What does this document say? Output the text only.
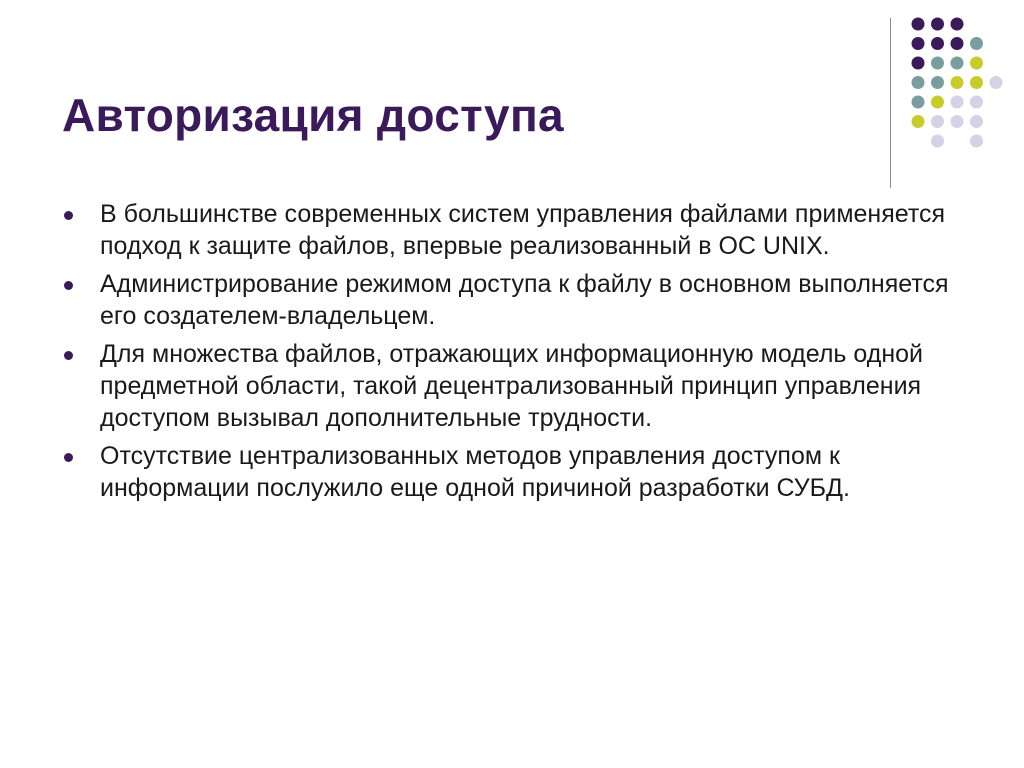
Авторизация доступа
В большинстве современных систем управления файлами применяется подход к защите файлов, впервые реализованный в ОС UNIX.
Администрирование режимом доступа к файлу в основном выполняется его создателем-владельцем.
Для множества файлов, отражающих информационную модель одной предметной области, такой децентрализованный принцип управления доступом вызывал дополнительные трудности.
Отсутствие централизованных методов управления доступом к информации послужило еще одной причиной разработки СУБД.
